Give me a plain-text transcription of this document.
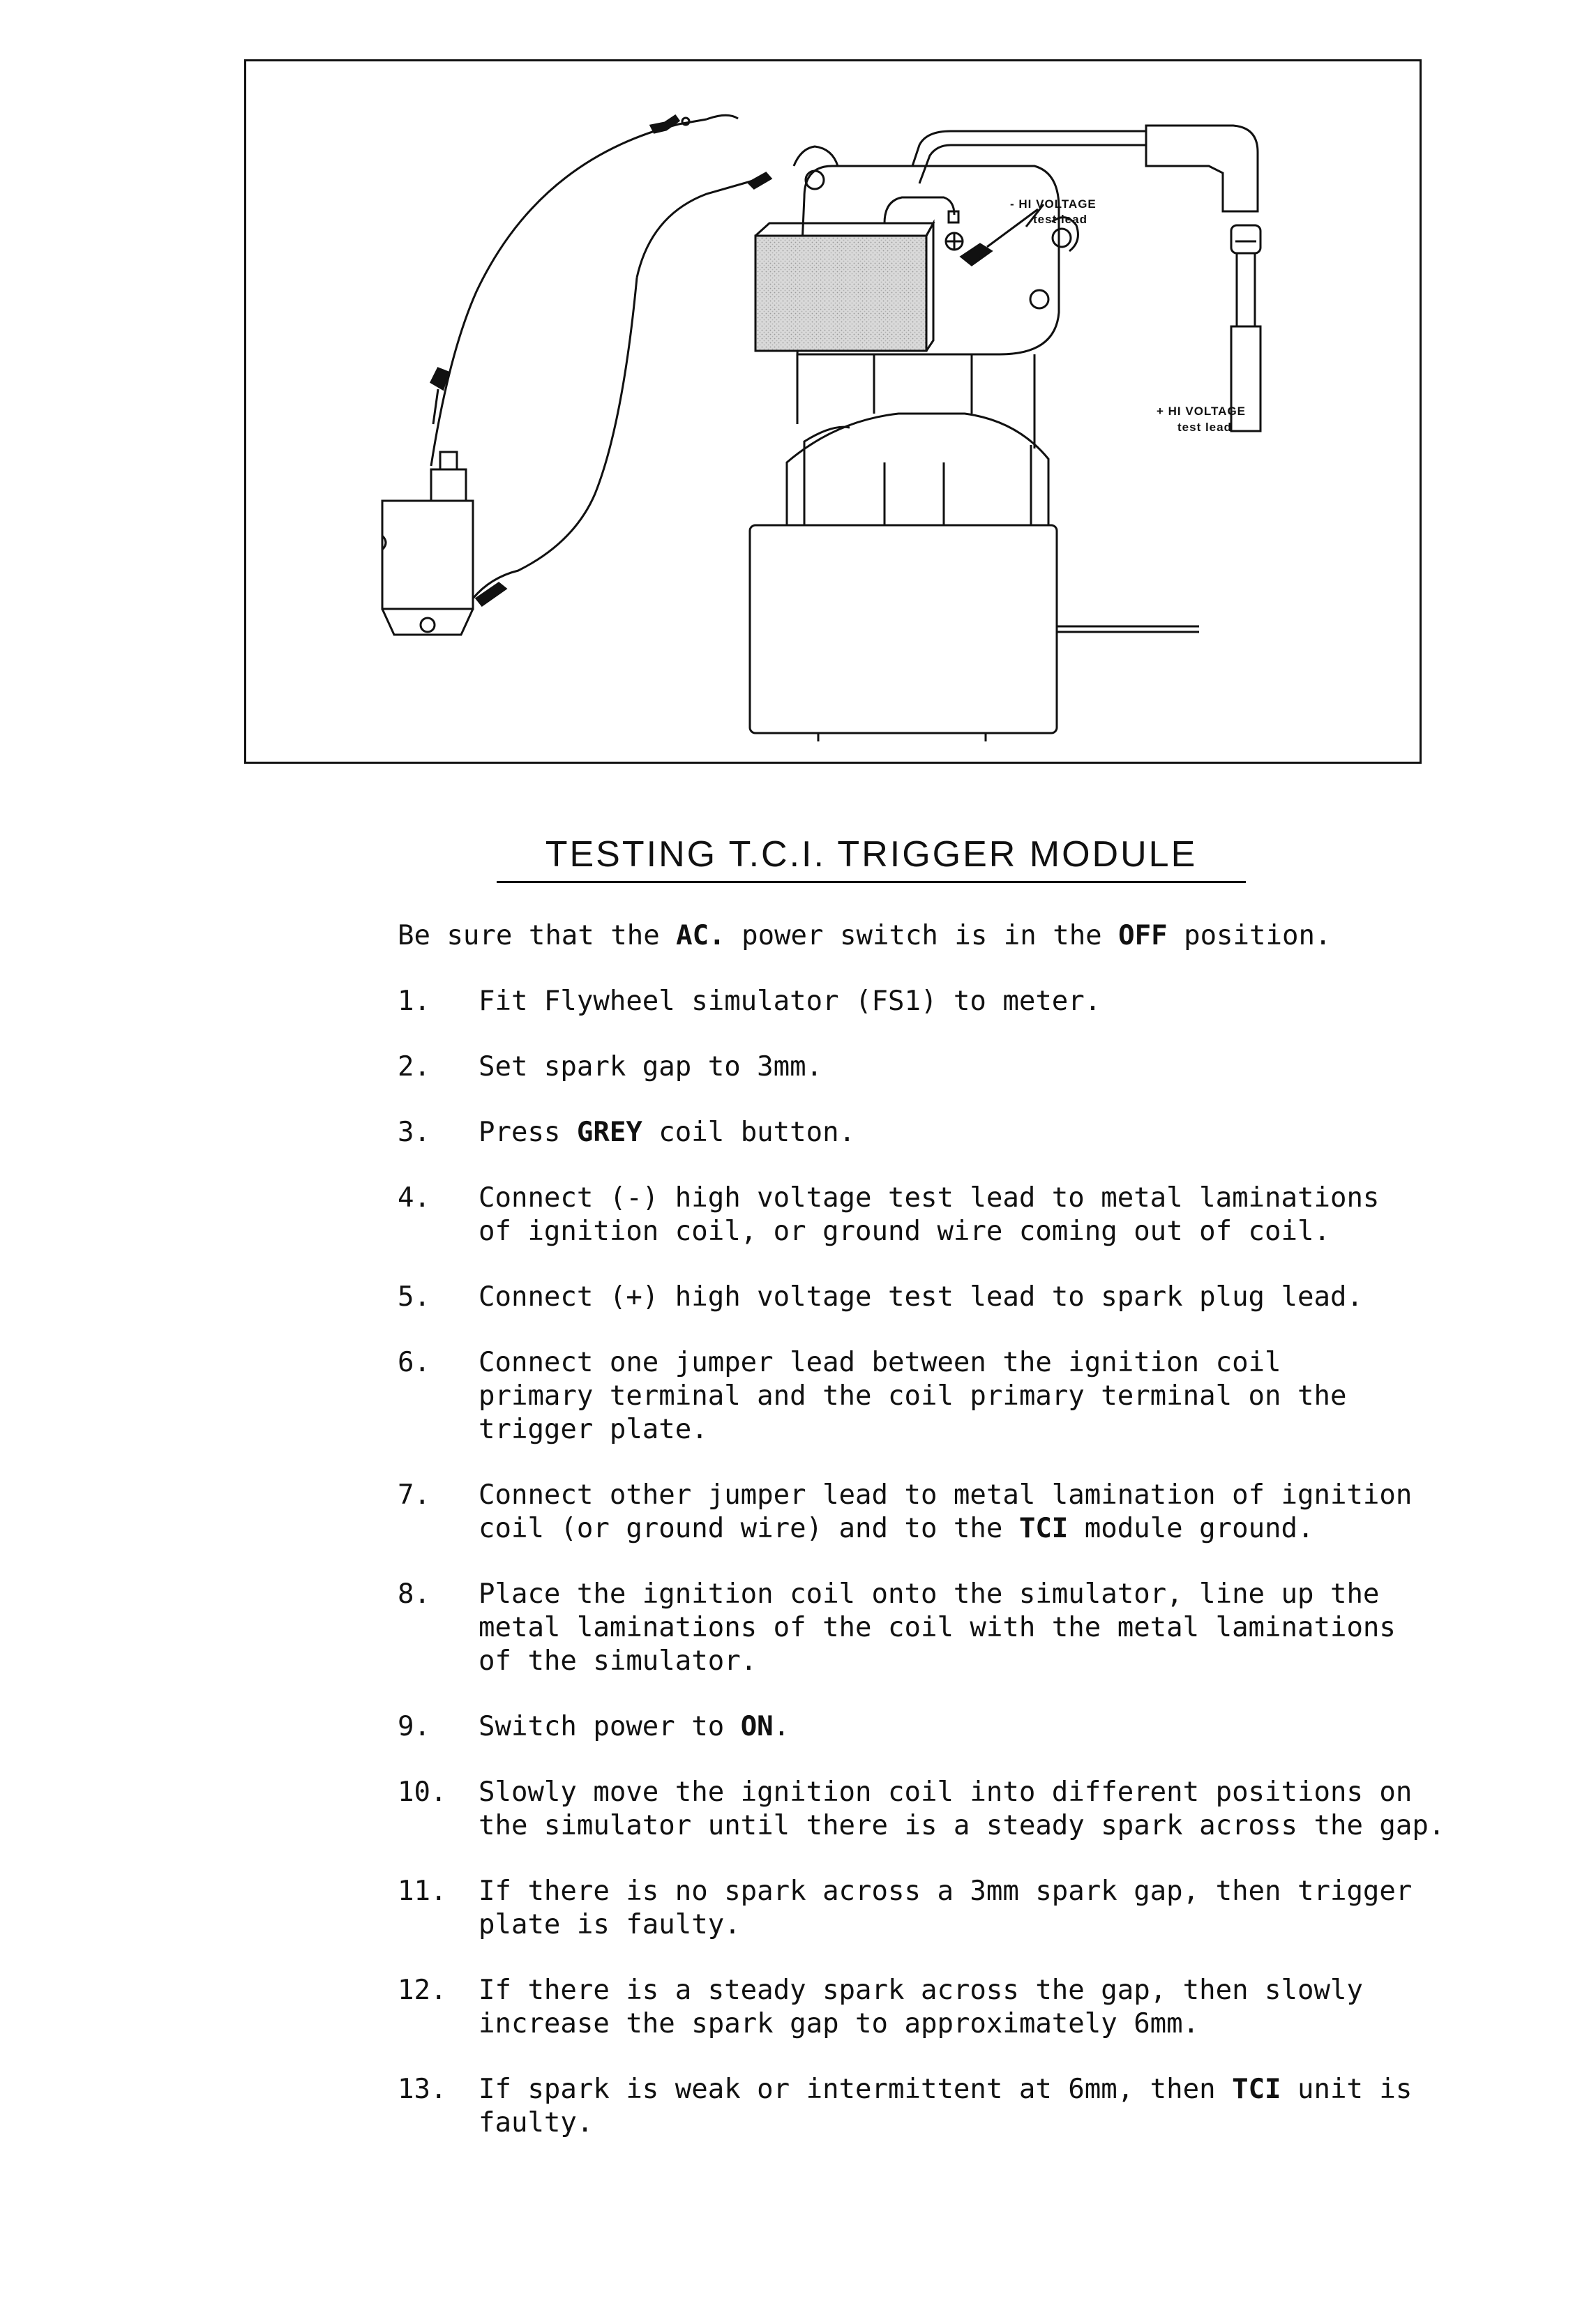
- HI VOLTAGE
test lead
+ HI VOLTAGE
test lead
TESTING T.C.I. TRIGGER MODULE
Be sure that the AC. power switch is in the OFF position.
1.	Fit Flywheel simulator (FS1) to meter.
2.	Set spark gap to 3mm.
3.	Press GREY coil button.
4.	Connect (-) high voltage test lead to metal laminations
of ignition coil, or ground wire coming out of coil.
5.	Connect (+) high voltage test lead to spark plug lead.
6.	Connect one jumper lead between the ignition coil
primary terminal and the coil primary terminal on the
trigger plate.
7.	Connect other jumper lead to metal lamination of ignition
coil (or ground wire) and to the TCI module ground.
8.	Place the ignition coil onto the simulator, line up the
metal laminations of the coil with the metal laminations
of the simulator.
9.	Switch power to ON.
10.	Slowly move the ignition coil into different positions on
the simulator until there is a steady spark across the gap.
11.	If there is no spark across a 3mm spark gap, then trigger
plate is faulty.
12.	If there is a steady spark across the gap, then slowly
increase the spark gap to approximately 6mm.
13.	If spark is weak or intermittent at 6mm, then TCI unit is
faulty.
